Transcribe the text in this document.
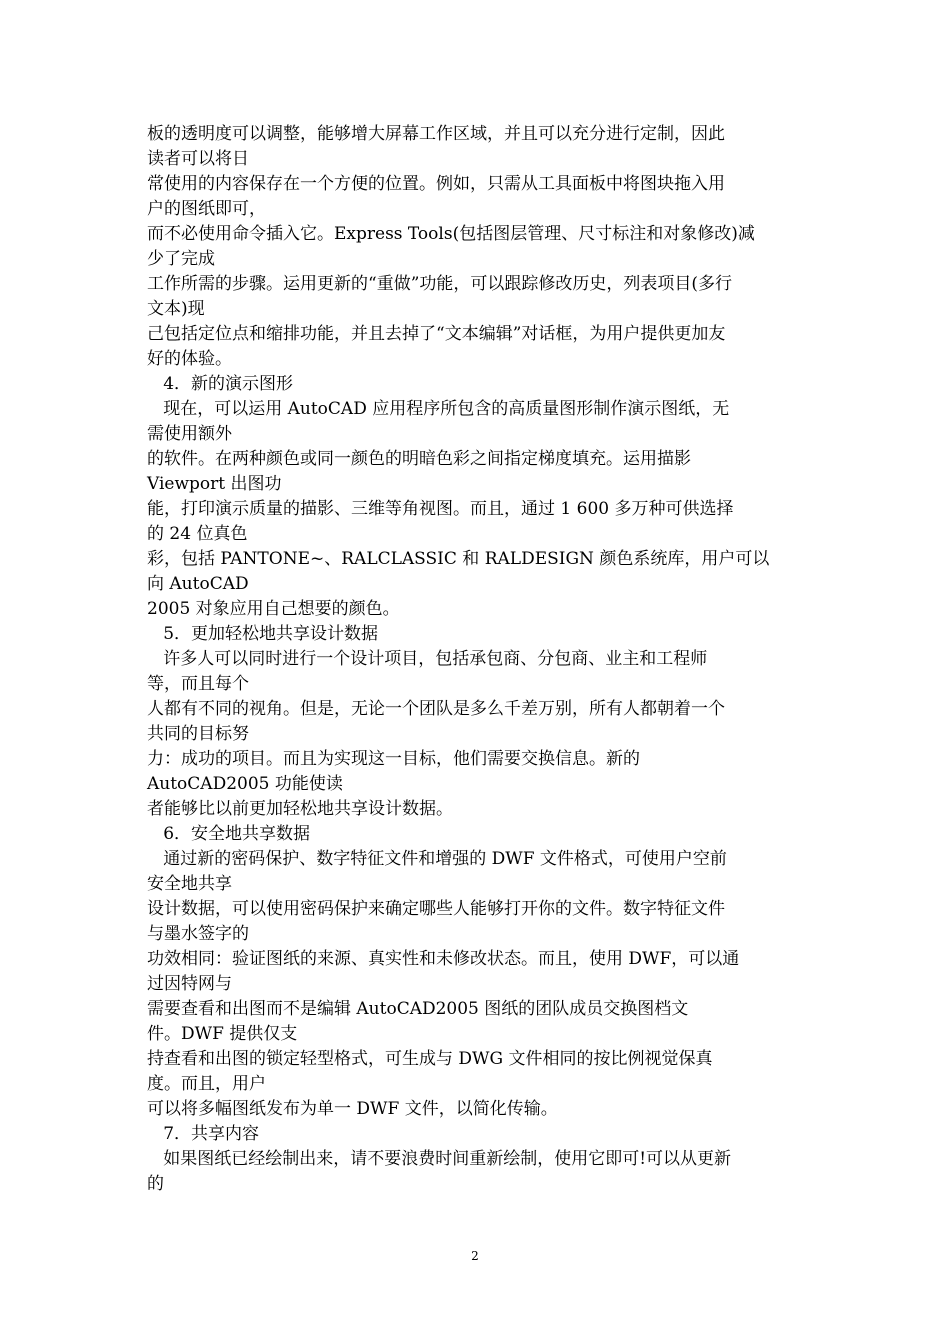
板的透明度可以调整，能够增大屏幕工作区域，并且可以充分进行定制，因此
读者可以将日
常使用的内容保存在一个方便的位置。例如，只需从工具面板中将图块拖入用
户的图纸即可，
而不必使用命令插入它。Express Tools(包括图层管理、尺寸标注和对象修改)减
少了完成
工作所需的步骤。运用更新的“重做”功能，可以跟踪修改历史，列表项目(多行
文本)现
己包括定位点和缩排功能，并且去掉了“文本编辑”对话框，为用户提供更加友
好的体验。
4．新的演示图形
现在，可以运用 AutoCAD 应用程序所包含的高质量图形制作演示图纸，无
需使用额外
的软件。在两种颜色或同一颜色的明暗色彩之间指定梯度填充。运用描影
Viewport 出图功
能，打印演示质量的描影、三维等角视图。而且，通过 1 600 多万种可供选择
的 24 位真色
彩，包括 PANTONE~、RALCLASSIC 和 RALDESIGN 颜色系统库，用户可以
向 AutoCAD
2005 对象应用自己想要的颜色。
5．更加轻松地共享设计数据
许多人可以同时进行一个设计项目，包括承包商、分包商、业主和工程师
等，而且每个
人都有不同的视角。但是，无论一个团队是多么千差万别，所有人都朝着一个
共同的目标努
力：成功的项目。而且为实现这一目标，他们需要交换信息。新的
AutoCAD2005 功能使读
者能够比以前更加轻松地共享设计数据。
6．安全地共享数据
通过新的密码保护、数字特征文件和增强的 DWF 文件格式，可使用户空前
安全地共享
设计数据，可以使用密码保护来确定哪些人能够打开你的文件。数字特征文件
与墨水签字的
功效相同：验证图纸的来源、真实性和未修改状态。而且，使用 DWF，可以通
过因特网与
需要查看和出图而不是编辑 AutoCAD2005 图纸的团队成员交换图档文
件。DWF 提供仅支
持查看和出图的锁定轻型格式，可生成与 DWG 文件相同的按比例视觉保真
度。而且，用户
可以将多幅图纸发布为单一 DWF 文件，以简化传输。
7．共享内容
如果图纸已经绘制出来，请不要浪费时间重新绘制，使用它即可!可以从更新
的
2
